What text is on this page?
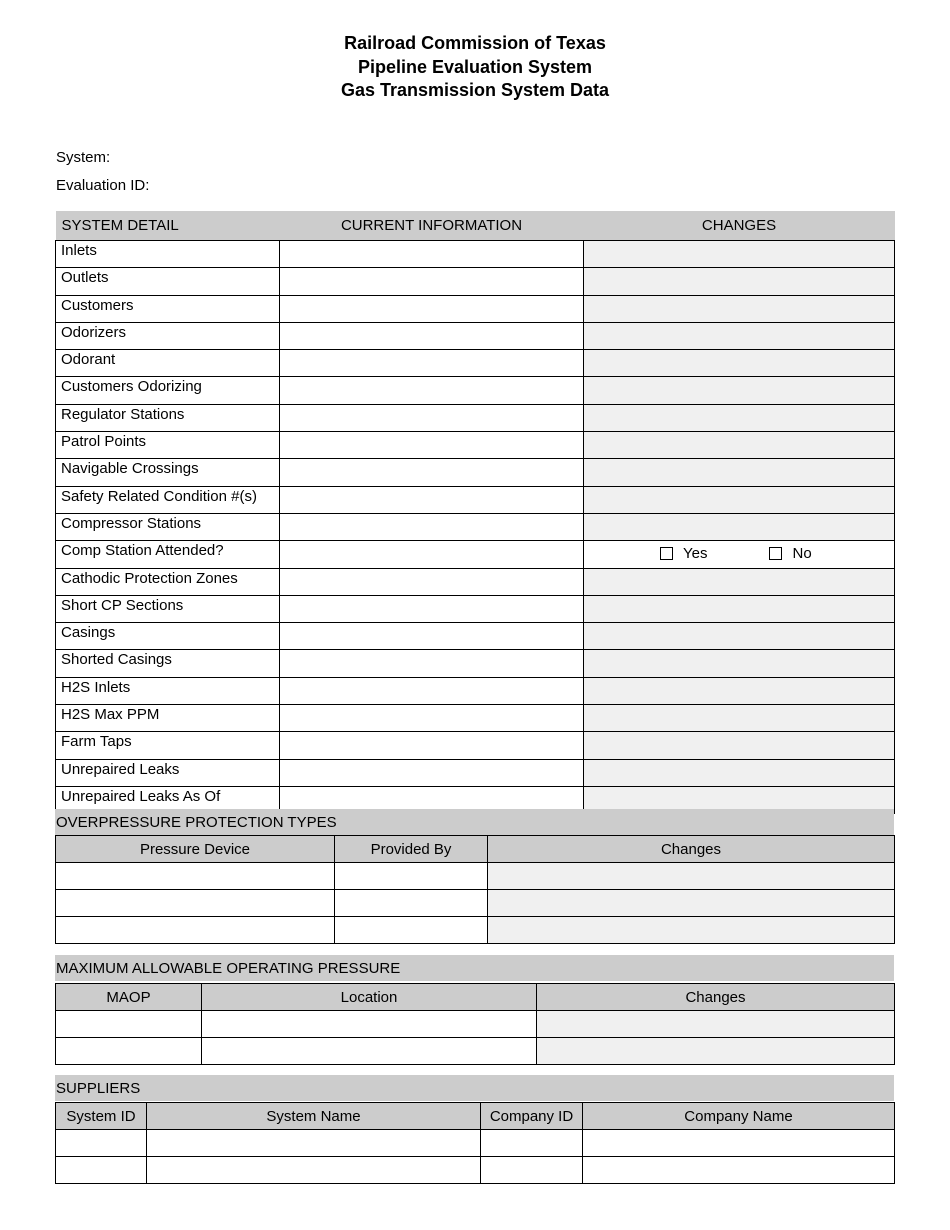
Railroad Commission of Texas
Pipeline Evaluation System
Gas Transmission System Data
System:
Evaluation ID:
SYSTEM DETAIL	CURRENT INFORMATION	CHANGES
Inlets		
Outlets		
Customers		
Odorizers		
Odorant		
Customers Odorizing		
Regulator Stations		
Patrol Points		
Navigable Crossings		
Safety Related Condition #(s)		
Compressor Stations		
Comp Station Attended?		Yes No

Cathodic Protection Zones		
Short CP Sections		
Casings		
Shorted Casings		
H2S Inlets		
H2S Max PPM		
Farm Taps		
Unrepaired Leaks		
Unrepaired Leaks As Of		
OVERPRESSURE PROTECTION TYPES
Pressure Device	Provided By	Changes

MAXIMUM ALLOWABLE OPERATING PRESSURE
MAOP	Location	Changes

SUPPLIERS
System ID	System Name	Company ID	Company Name
